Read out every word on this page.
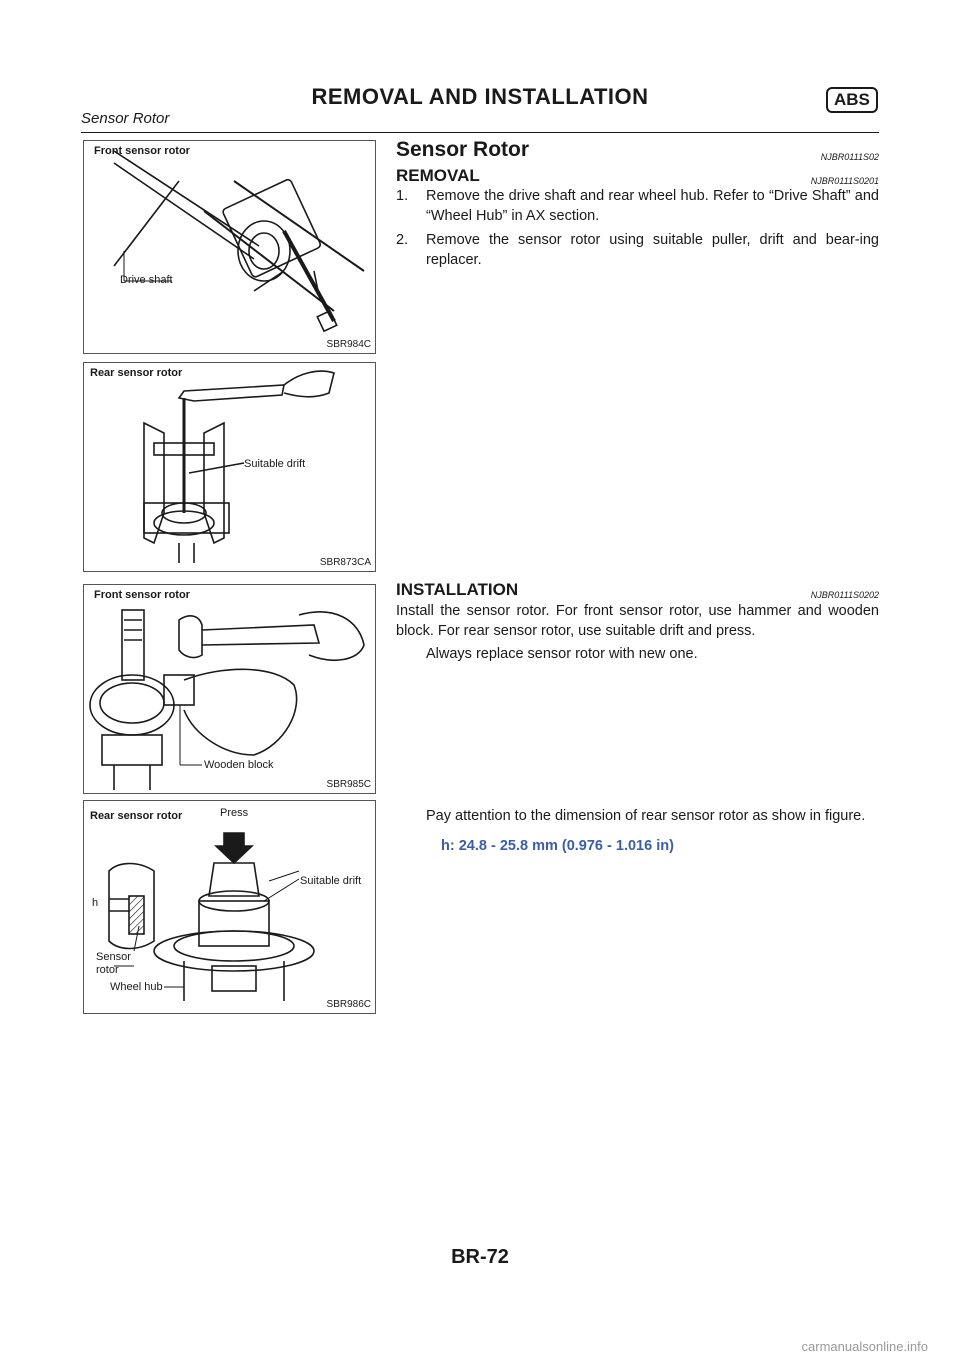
REMOVAL AND INSTALLATION	ABS
Sensor Rotor
Front sensor rotor
Drive shaft
SBR984C
Rear sensor rotor
Suitable drift
SBR873CA
Front sensor rotor
Wooden block
SBR985C
Rear sensor rotor	Press
Suitable drift
h
Sensor rotor
Wheel hub
SBR986C
Sensor Rotor	NJBR0111S02
REMOVAL	NJBR0111S0201
1. Remove the drive shaft and rear wheel hub. Refer to “Drive Shaft” and “Wheel Hub” in AX section.
2. Remove the sensor rotor using suitable puller, drift and bear-ing replacer.
INSTALLATION	NJBR0111S0202
Install the sensor rotor. For front sensor rotor, use hammer and wooden block. For rear sensor rotor, use suitable drift and press.
Always replace sensor rotor with new one.
Pay attention to the dimension of rear sensor rotor as show in figure.
h: 24.8 - 25.8 mm (0.976 - 1.016 in)
BR-72
carmanualsonline.info
